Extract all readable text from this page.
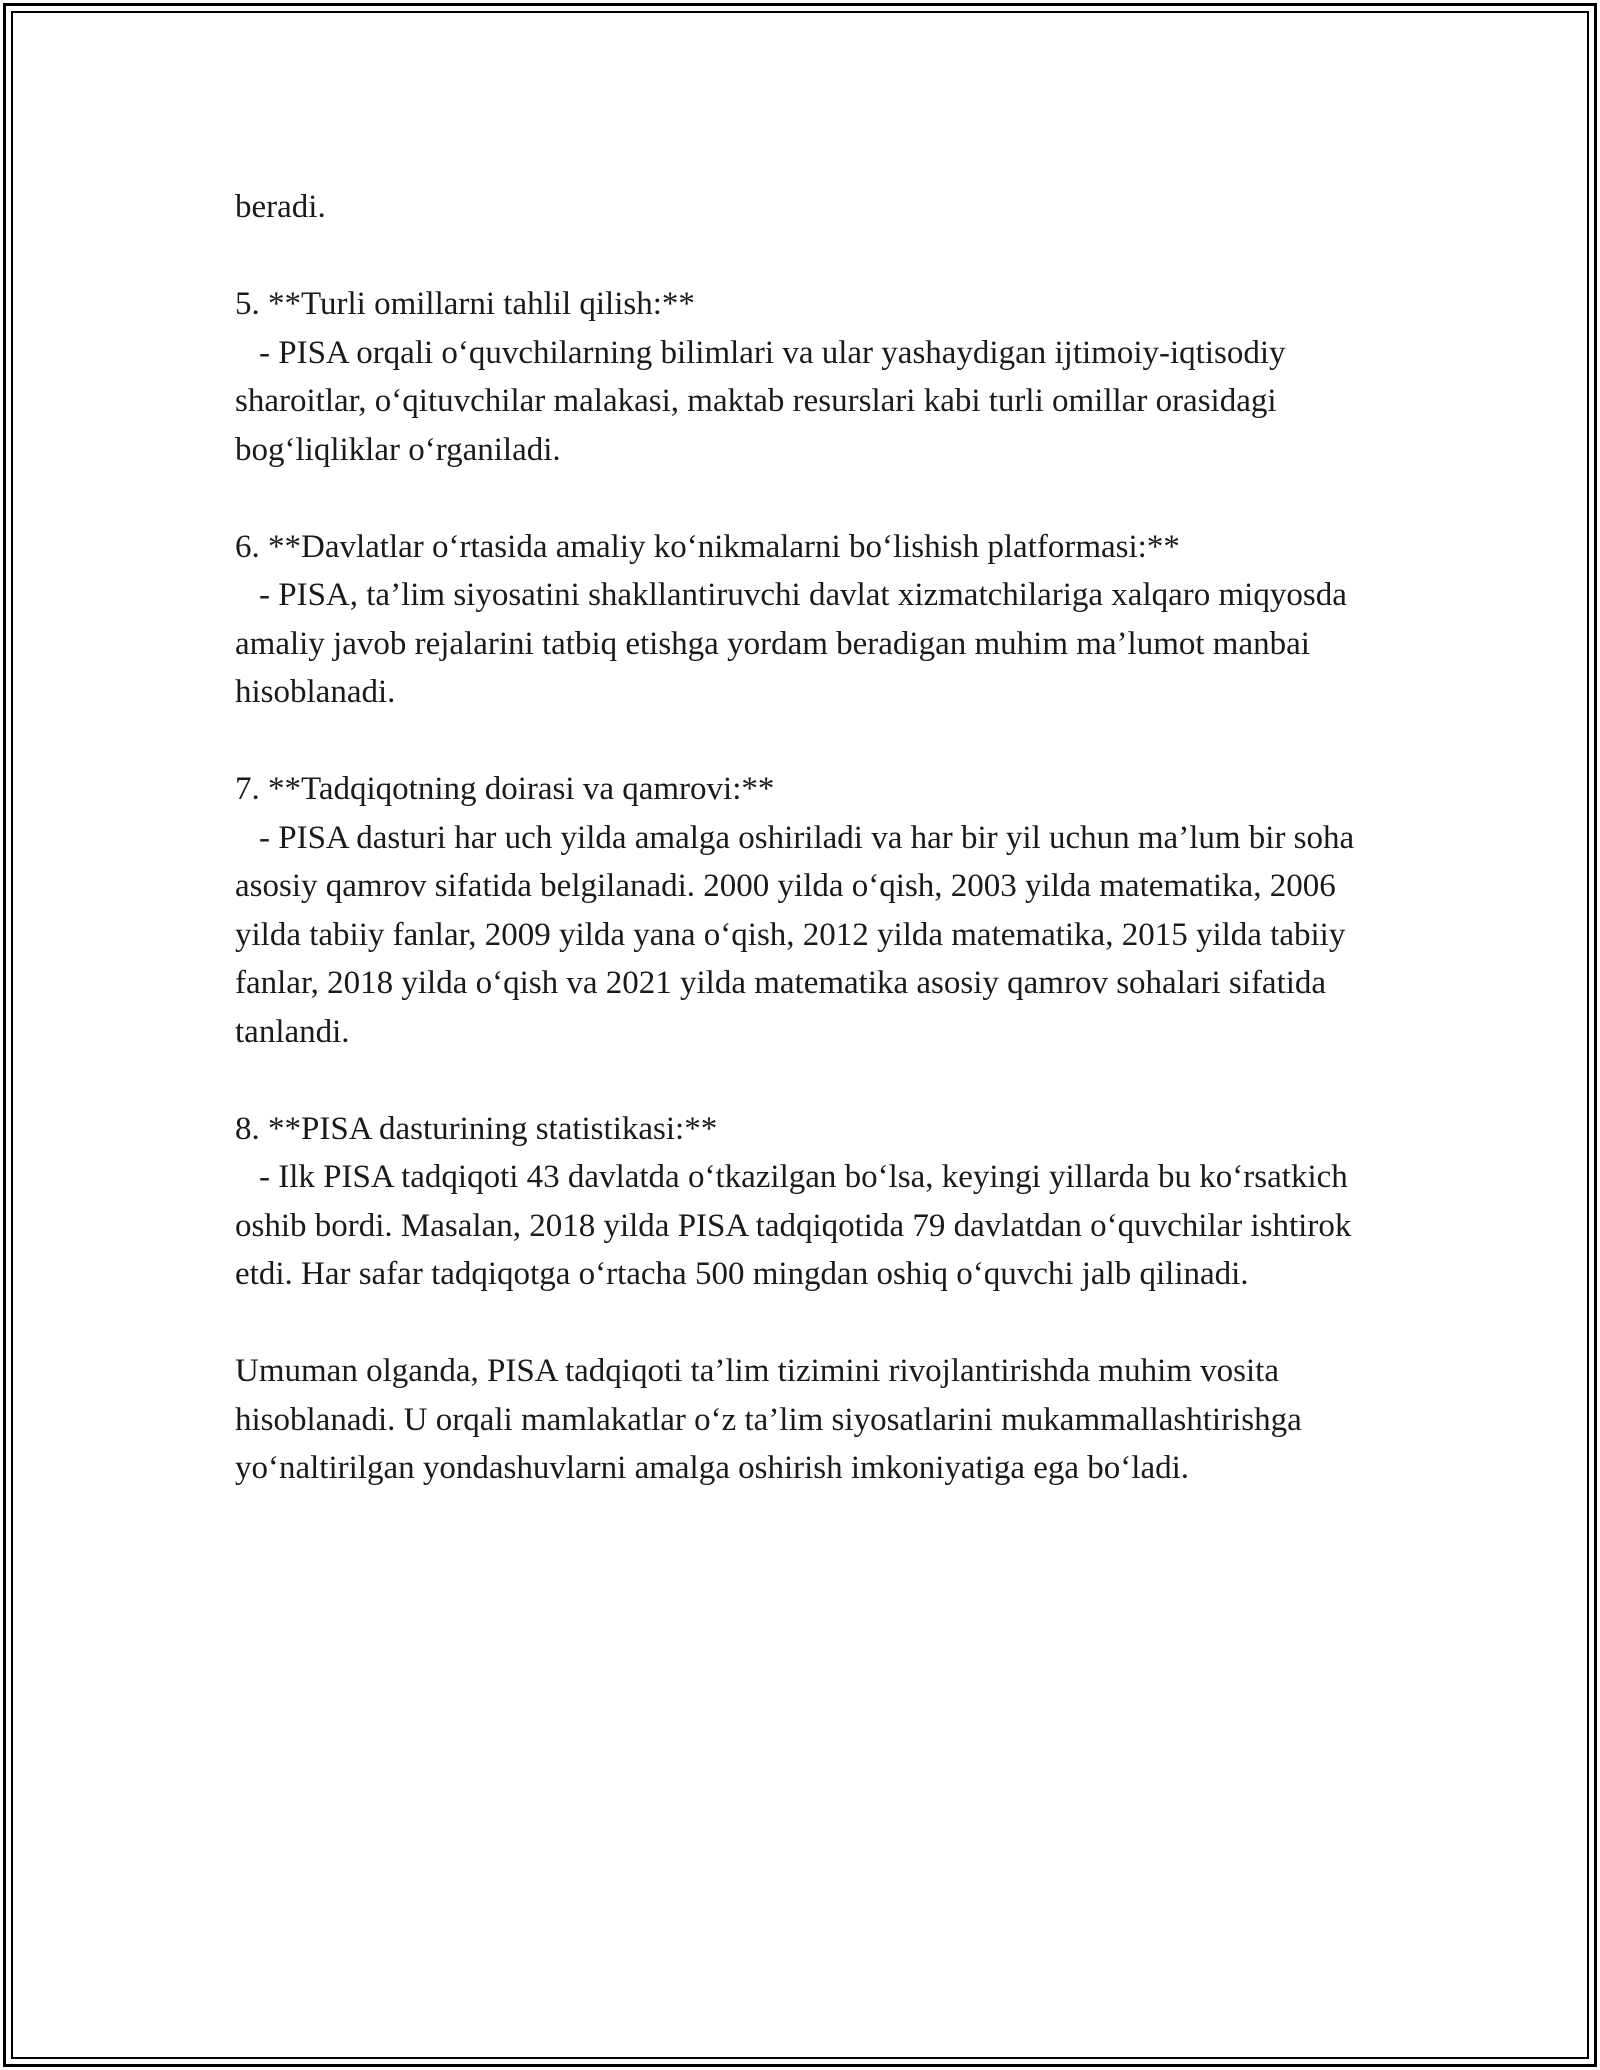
beradi.

5. **Turli omillarni tahlil qilish:**

- PISA orqali o‘quvchilarning bilimlari va ular yashaydigan ijtimoiy-iqtisodiy sharoitlar, o‘qituvchilar malakasi, maktab resurslari kabi turli omillar orasidagi bog‘liqliklar o‘rganiladi.

6. **Davlatlar o‘rtasida amaliy ko‘nikmalarni bo‘lishish platformasi:**

- PISA, ta’lim siyosatini shakllantiruvchi davlat xizmatchilariga xalqaro miqyosda amaliy javob rejalarini tatbiq etishga yordam beradigan muhim ma’lumot manbai hisoblanadi.

7. **Tadqiqotning doirasi va qamrovi:**

- PISA dasturi har uch yilda amalga oshiriladi va har bir yil uchun ma’lum bir soha asosiy qamrov sifatida belgilanadi. 2000 yilda o‘qish, 2003 yilda matematika, 2006 yilda tabiiy fanlar, 2009 yilda yana o‘qish, 2012 yilda matematika, 2015 yilda tabiiy fanlar, 2018 yilda o‘qish va 2021 yilda matematika asosiy qamrov sohalari sifatida tanlandi.

8. **PISA dasturining statistikasi:**

- Ilk PISA tadqiqoti 43 davlatda o‘tkazilgan bo‘lsa, keyingi yillarda bu ko‘rsatkich oshib bordi. Masalan, 2018 yilda PISA tadqiqotida 79 davlatdan o‘quvchilar ishtirok etdi. Har safar tadqiqotga o‘rtacha 500 mingdan oshiq o‘quvchi jalb qilinadi.

Umuman olganda, PISA tadqiqoti ta’lim tizimini rivojlantirishda muhim vosita hisoblanadi. U orqali mamlakatlar o‘z ta’lim siyosatlarini mukammallashtirishga yo‘naltirilgan yondashuvlarni amalga oshirish imkoniyatiga ega bo‘ladi.
